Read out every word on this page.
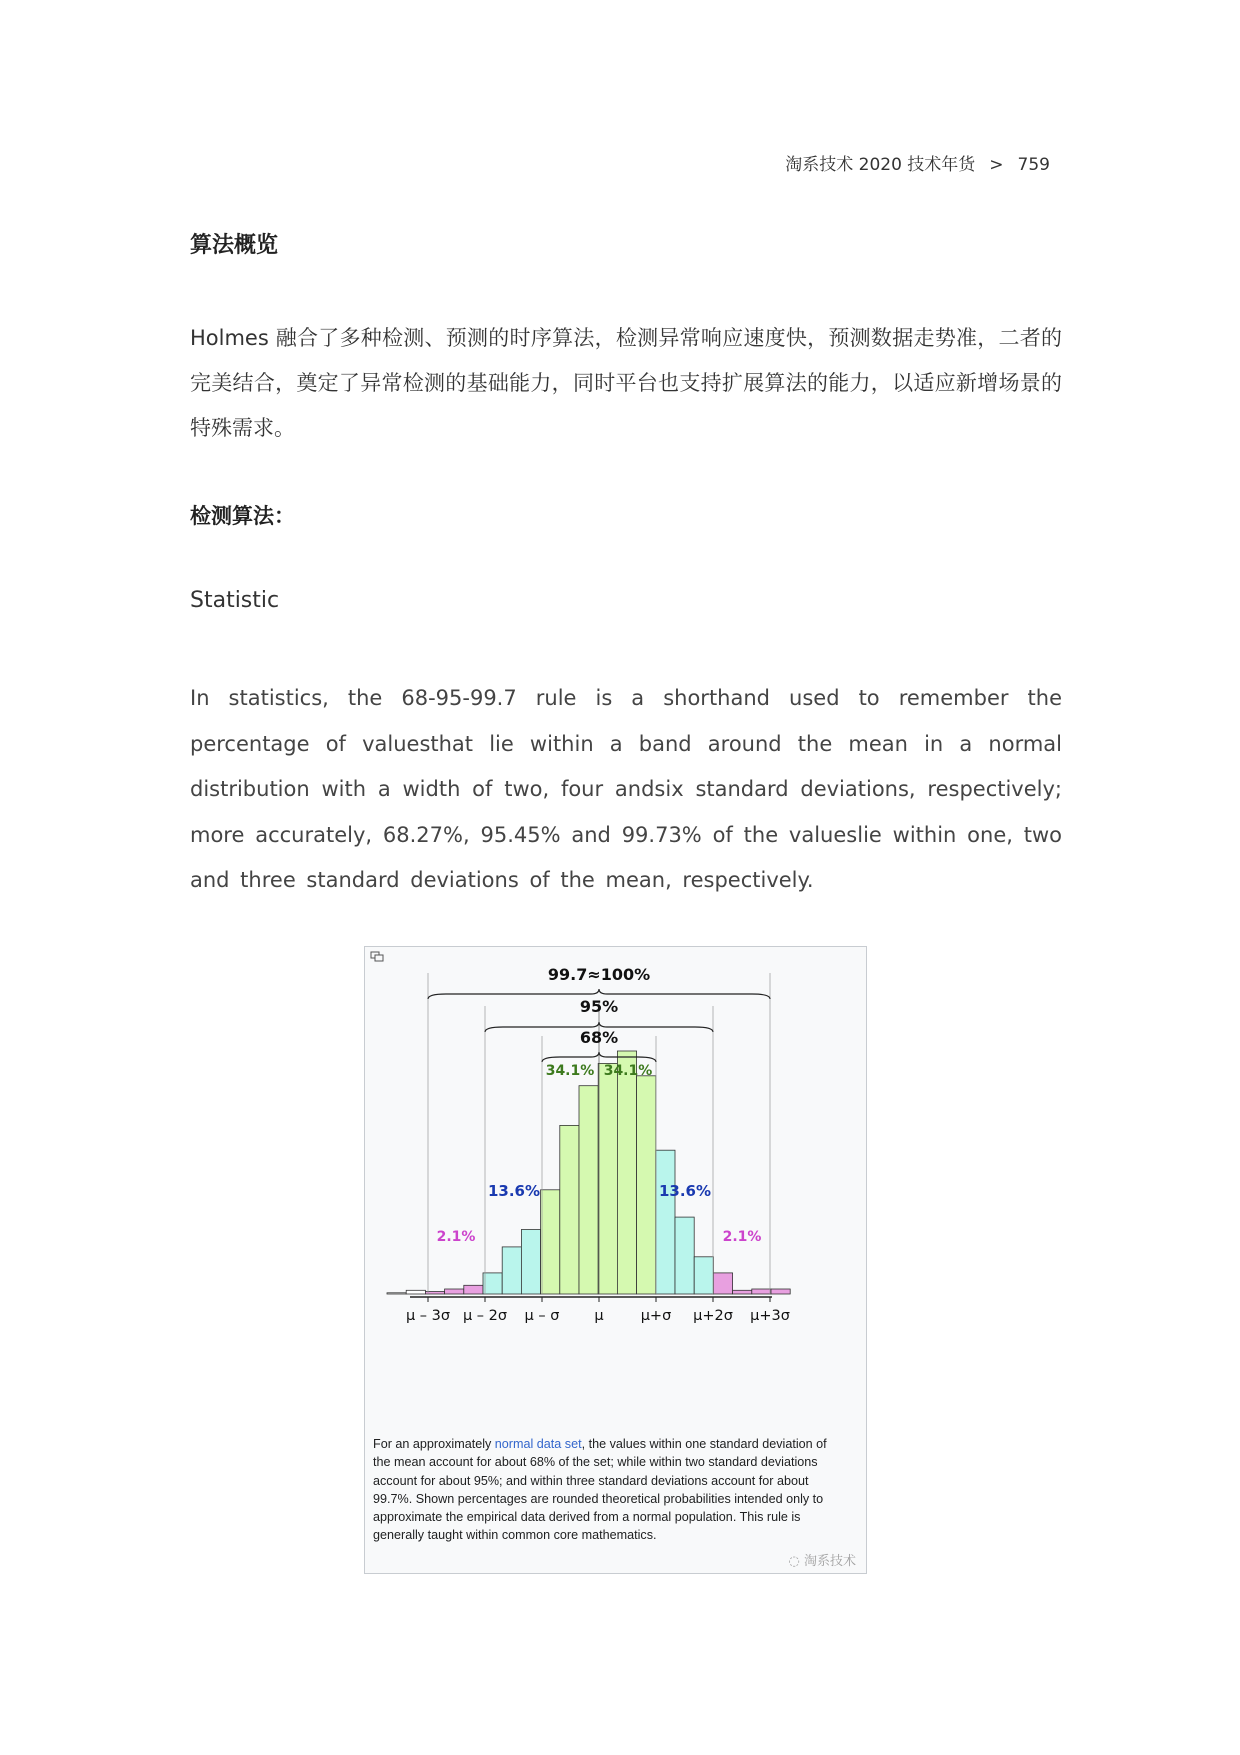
淘系技术 2020 技术年货 > 759
算法概览
Holmes 融合了多种检测、预测的时序算法，检测异常响应速度快，预测数据走势准，二者的完美结合，奠定了异常检测的基础能力，同时平台也支持扩展算法的能力，以适应新增场景的特殊需求。
检测算法：
Statistic
In statistics, the 68-95-99.7 rule is a shorthand used to remember the percentage of valuesthat lie within a band around the mean in a normal distribution with a width of two, four andsix standard deviations, respectively; more accurately, 68.27%, 95.45% and 99.73% of the valueslie within one, two and three standard deviations of the mean, respectively.
μ – 3σ μ – 2σ μ – σ μ	μ+σ μ+2σ μ+3σ
99.7≈100%
95%
68%
34.1% 34.1%
13.6%	13.6%
2.1%	2.1%
For an approximately normal data set, the values within one standard deviation of the mean account for about 68% of the set; while within two standard deviations account for about 95%; and within three standard deviations account for about 99.7%. Shown percentages are rounded theoretical probabilities intended only to approximate the empirical data derived from a normal population. This rule is generally taught within common core mathematics.
◌ 淘系技术
